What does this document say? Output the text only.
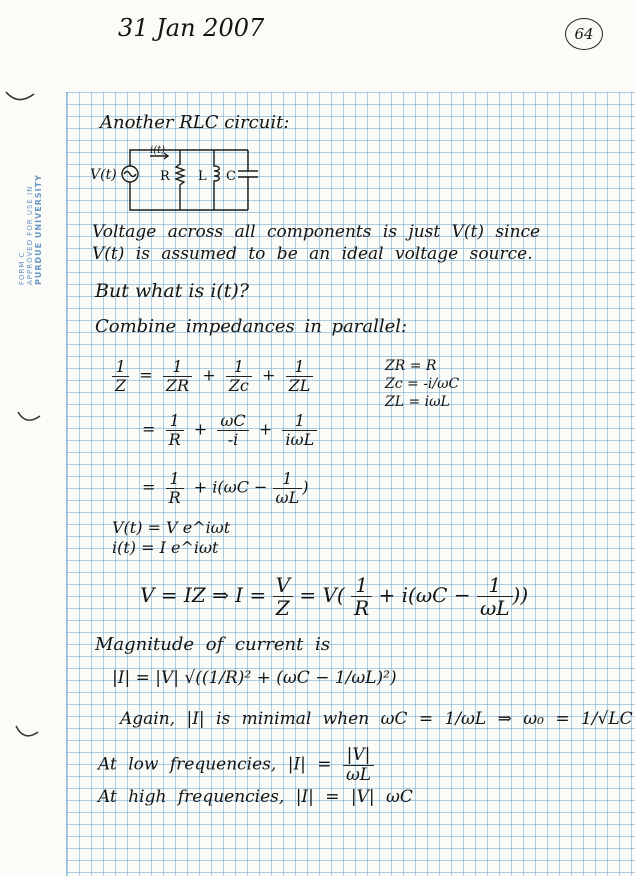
FORM C APPROVED FOR USE IN PURDUE UNIVERSITY
31 Jan 2007	64
Another RLC circuit:
V(t)
i(t)
R L C
Voltage across all components is just V(t) since
V(t) is assumed to be an ideal voltage source.
But what is i(t)?
Combine impedances in parallel:
$\frac{1}{Z} = \frac{1}{ZR} + \frac{1}{Zc} + \frac{1}{ZL}$	ZR = R
Zc = -i/ωC
ZL = iωL
= $\frac{1}{R} + \frac{\omega C}{-i} + \frac{1}{\text{iωL}}$
= $\frac{1}{R} + i(\omega C - \frac{1}{\omega L}$ )
V(t) = V e^iωt
i(t) = I e^iωt
V = IZ ⇒ $I = \frac{V}{Z} = V( \frac{1}{R} + i(\omega C - \frac{1}{\omega L}$ ))
Magnitude of current is
|I| = |V| √((1/R)² + (ωC − 1/ωL)²)
Again, |I| is minimal when ωC = 1/ωL ⇒ ω₀ = 1/√LC
At low frequencies, $|I| = \frac{|V|}{\omega L}$
At high frequencies, |I| = |V| ωC
